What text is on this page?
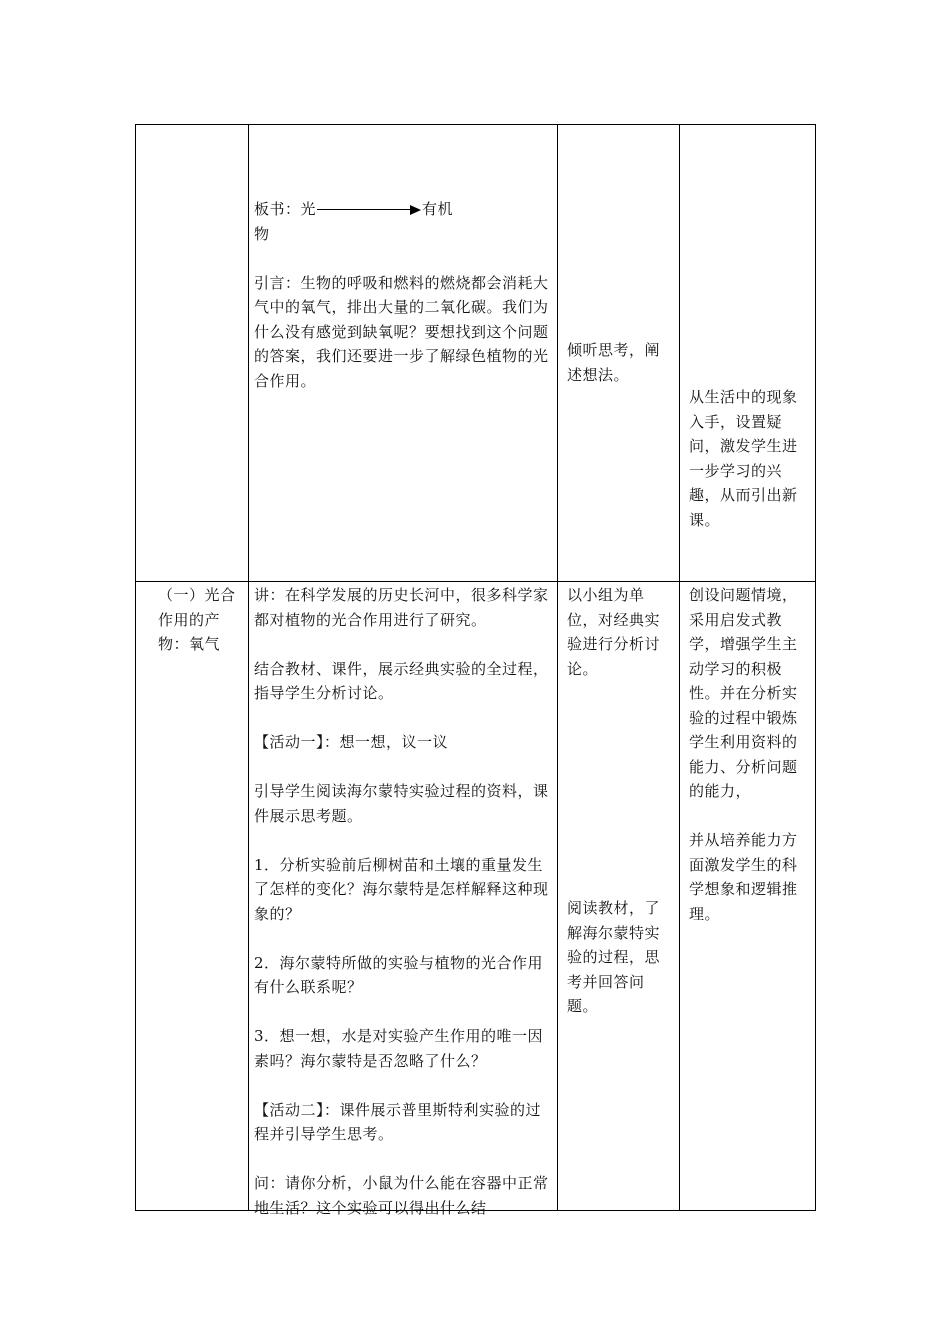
板书：光	有机

物

引言：生物的呼吸和燃料的燃烧都会消耗大气中的氧气，排出大量的二氧化碳。我们为什么没有感觉到缺氧呢？要想找到这个问题的答案，我们还要进一步了解绿色植物的光合作用。

倾听思考，阐述想法。

从生活中的现象入手，设置疑问，激发学生进一步学习的兴趣，从而引出新课。

（一）光合作用的产物：氧气

讲：在科学发展的历史长河中，很多科学家都对植物的光合作用进行了研究。

结合教材、课件，展示经典实验的全过程，指导学生分析讨论。

【活动一】：想一想，议一议

引导学生阅读海尔蒙特实验过程的资料，课件展示思考题。

1．分析实验前后柳树苗和土壤的重量发生了怎样的变化？海尔蒙特是怎样解释这种现象的？

2．海尔蒙特所做的实验与植物的光合作用有什么联系呢？

3．想一想，水是对实验产生作用的唯一因素吗？海尔蒙特是否忽略了什么？

【活动二】：课件展示普里斯特利实验的过程并引导学生思考。

问：请你分析，小鼠为什么能在容器中正常地生活？这个实验可以得出什么结

以小组为单位，对经典实验进行分析讨论。

阅读教材，了解海尔蒙特实验的过程，思考并回答问题。

创设问题情境，采用启发式教学，增强学生主动学习的积极性。并在分析实验的过程中锻炼学生利用资料的能力、分析问题的能力，

并从培养能力方面激发学生的科学想象和逻辑推理。
